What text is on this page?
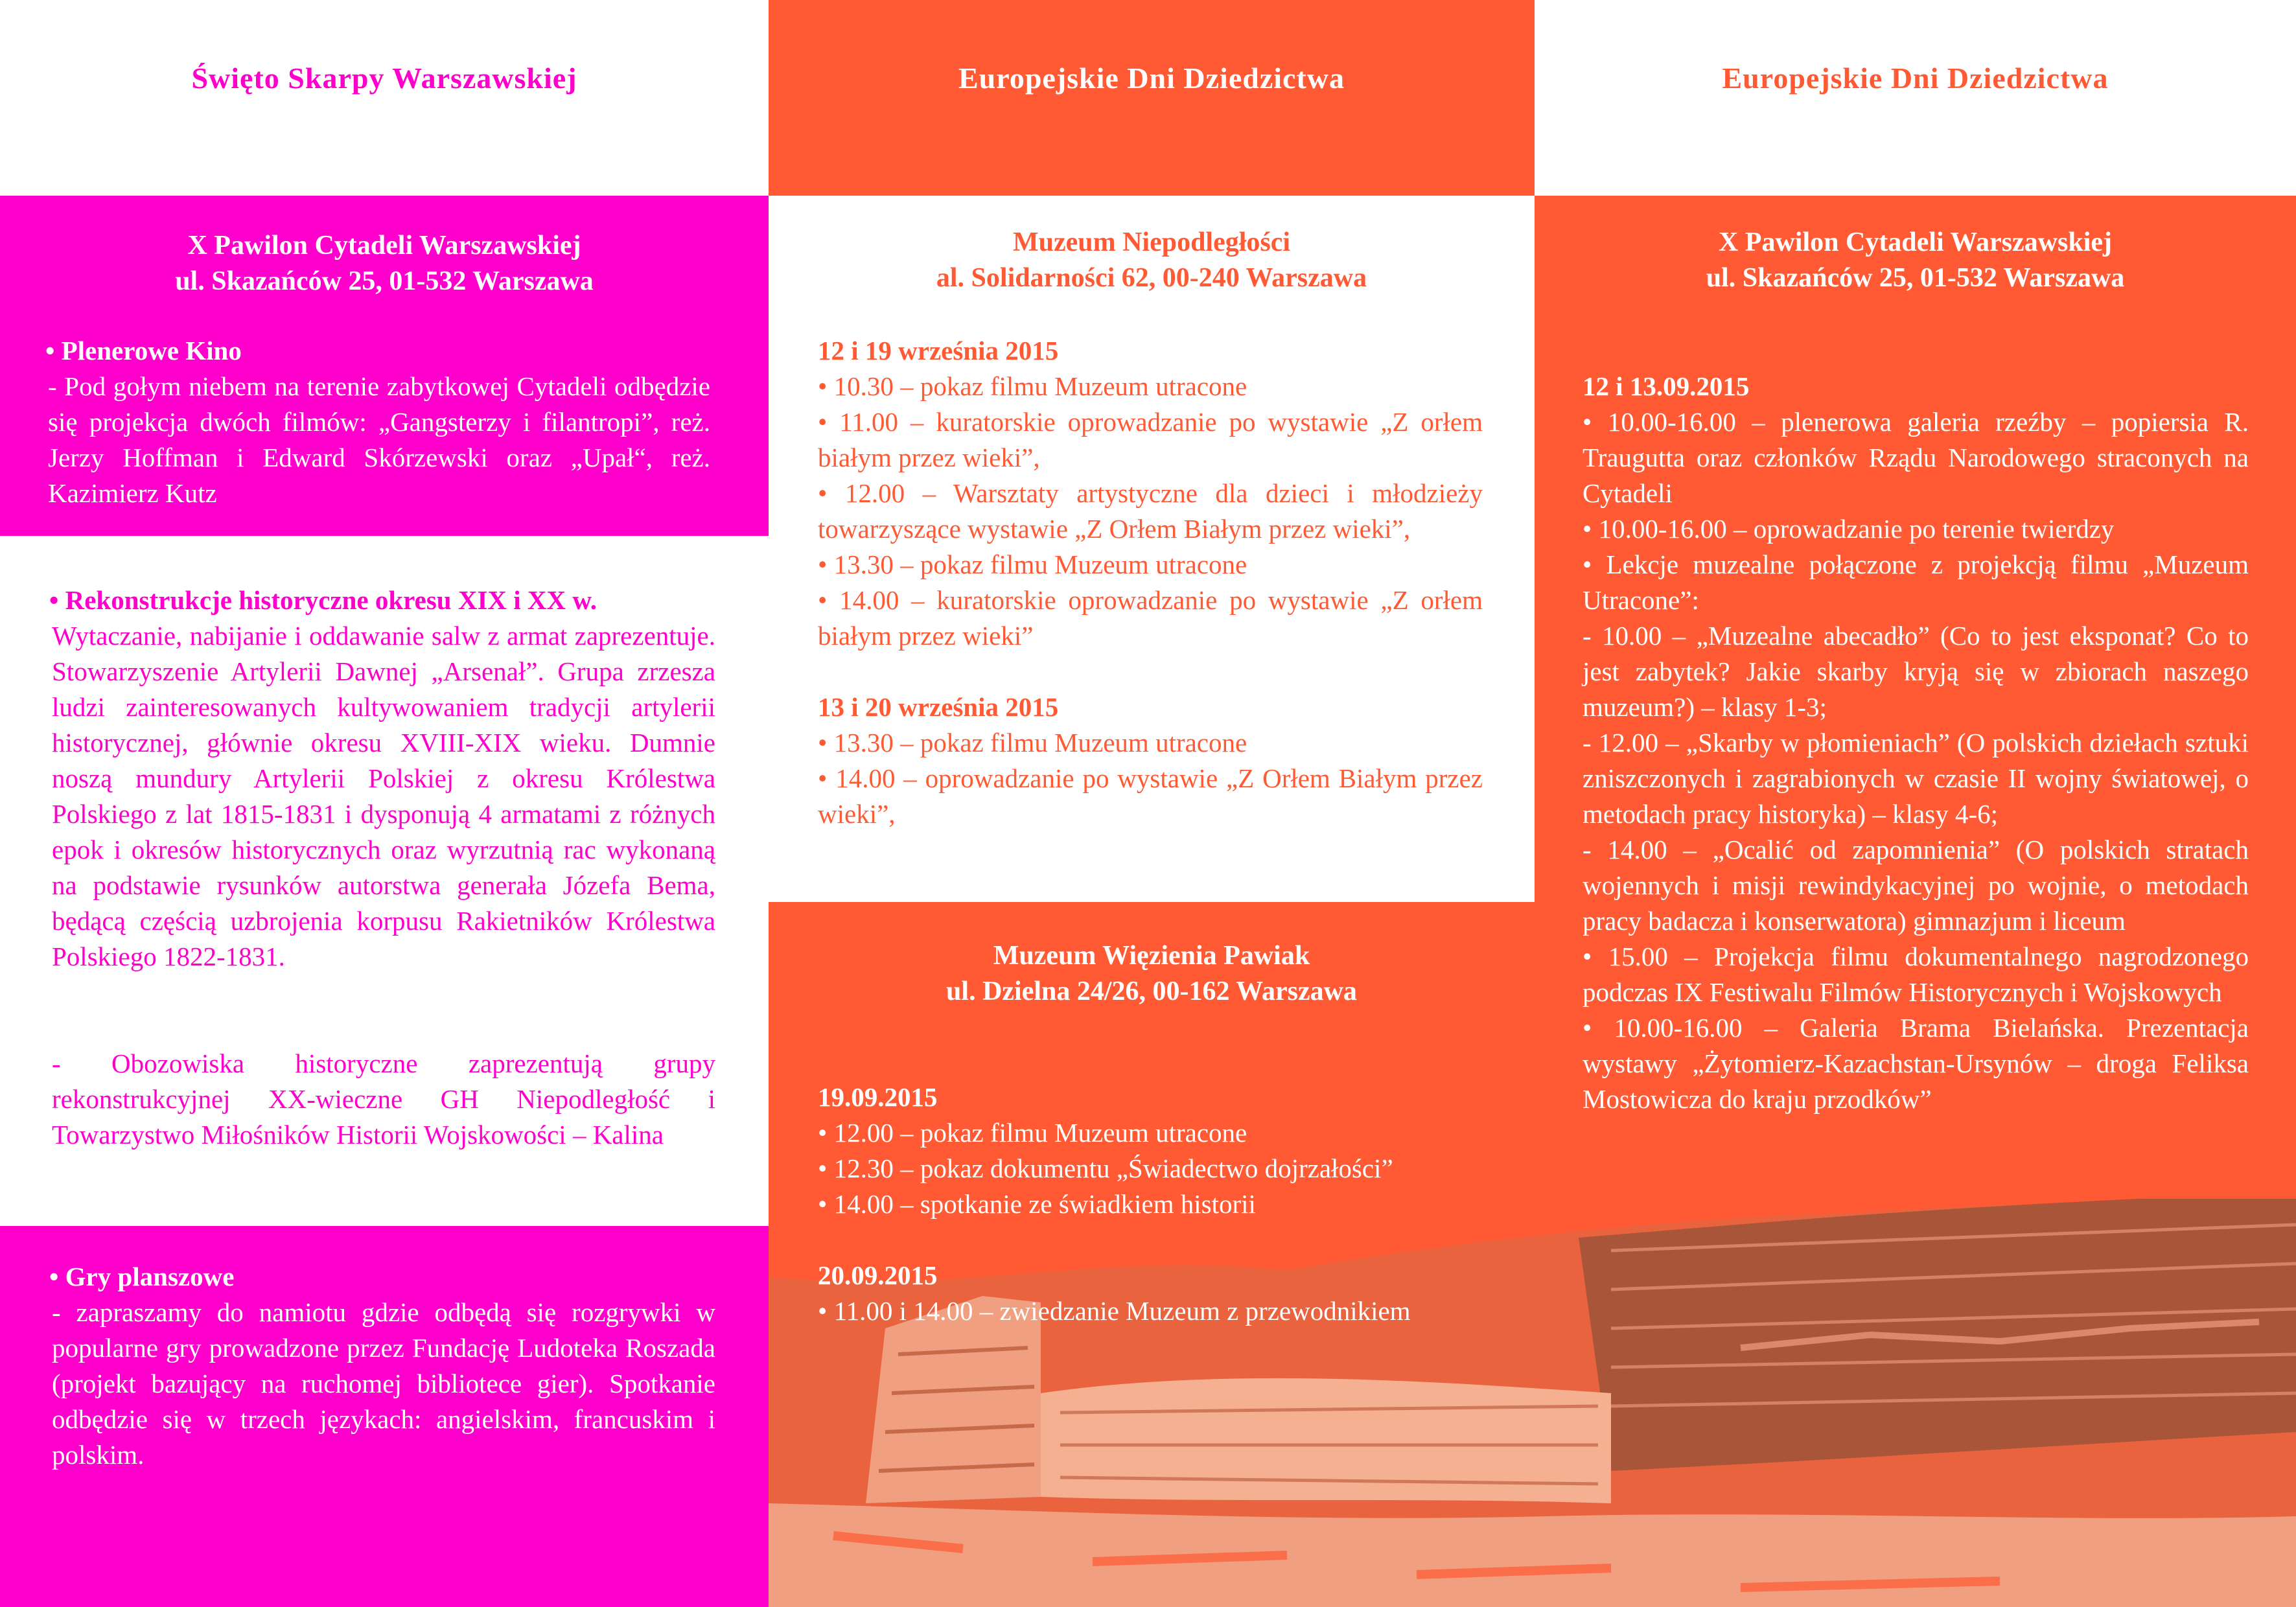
Święto Skarpy Warszawskiej
X Pawilon Cytadeli Warszawskiej
ul. Skazańców 25, 01-532 Warszawa
• Plenerowe Kino
- Pod gołym niebem na terenie zabytkowej Cytadeli odbędzie się projekcja dwóch filmów: „Gangsterzy i filantropi”, reż. Jerzy Hoffman i Edward Skórzewski oraz „Upał“, reż. Kazimierz Kutz
• Rekonstrukcje historyczne okresu XIX i XX w.
Wytaczanie, nabijanie i oddawanie salw z armat zaprezentuje. Stowarzyszenie Artylerii Dawnej „Arsenał”. Grupa zrzesza ludzi zainteresowanych kultywowaniem tradycji artylerii historycznej, głównie okresu XVIII-XIX wieku. Dumnie noszą mundury Artylerii Polskiej z okresu Królestwa Polskiego z lat 1815-1831 i dysponują 4 armatami z różnych epok i okresów historycznych oraz wyrzutnią rac wykonaną na podstawie rysunków autorstwa generała Józefa Bema, będącą częścią uzbrojenia korpusu Rakietników Królestwa Polskiego 1822-1831.
- Obozowiska historyczne zaprezentują grupy rekonstrukcyjnej XX-wieczne GH Niepodległość i Towarzystwo Miłośników Historii Wojskowości – Kalina
• Gry planszowe
- zapraszamy do namiotu gdzie odbędą się rozgrywki w popularne gry prowadzone przez Fundację Ludoteka Roszada (projekt bazujący na ruchomej bibliotece gier). Spotkanie odbędzie się w trzech językach: angielskim, francuskim i polskim.
Europejskie Dni Dziedzictwa
Muzeum Niepodległości
al. Solidarności 62, 00-240 Warszawa

12 i 19 września 2015

• 10.30 – pokaz filmu Muzeum utracone

• 11.00 – kuratorskie oprowadzanie po wystawie „Z orłem białym przez wieki”,

• 12.00 – Warsztaty artystyczne dla dzieci i młodzieży towarzyszące wystawie „Z Orłem Białym przez wieki”,

• 13.30 – pokaz filmu Muzeum utracone

• 14.00 – kuratorskie oprowadzanie po wystawie „Z orłem białym przez wieki”

13 i 20 września 2015

• 13.30 – pokaz filmu Muzeum utracone

• 14.00 – oprowadzanie po wystawie „Z Orłem Białym przez wieki”,

Muzeum Więzienia Pawiak
ul. Dzielna 24/26, 00-162 Warszawa

19.09.2015

• 12.00 – pokaz filmu Muzeum utracone

• 12.30 – pokaz dokumentu „Świadectwo dojrzałości”

• 14.00 – spotkanie ze świadkiem historii

20.09.2015

• 11.00 i 14.00 – zwiedzanie Muzeum z przewodnikiem

Europejskie Dni Dziedzictwa
X Pawilon Cytadeli Warszawskiej
ul. Skazańców 25, 01-532 Warszawa

12 i 13.09.2015

• 10.00-16.00 – plenerowa galeria rzeźby – popiersia R. Traugutta oraz członków Rządu Narodowego straconych na Cytadeli

• 10.00-16.00 – oprowadzanie po terenie twierdzy

• Lekcje muzealne połączone z projekcją filmu „Muzeum Utracone”:

- 10.00 – „Muzealne abecadło” (Co to jest eksponat? Co to jest zabytek? Jakie skarby kryją się w zbiorach naszego muzeum?) – klasy 1-3;

- 12.00 – „Skarby w płomieniach” (O polskich dziełach sztuki zniszczonych i zagrabionych w czasie II wojny światowej, o metodach pracy historyka) – klasy 4-6;

- 14.00 – „Ocalić od zapomnienia” (O polskich stratach wojennych i misji rewindykacyjnej po wojnie, o metodach pracy badacza i konserwatora) gimnazjum i liceum

• 15.00 – Projekcja filmu dokumentalnego nagrodzonego podczas IX Festiwalu Filmów Historycznych i Wojskowych

• 10.00-16.00 – Galeria Brama Bielańska. Prezentacja wystawy „Żytomierz-Kazachstan-Ursynów – droga Feliksa Mostowicza do kraju przodków”
